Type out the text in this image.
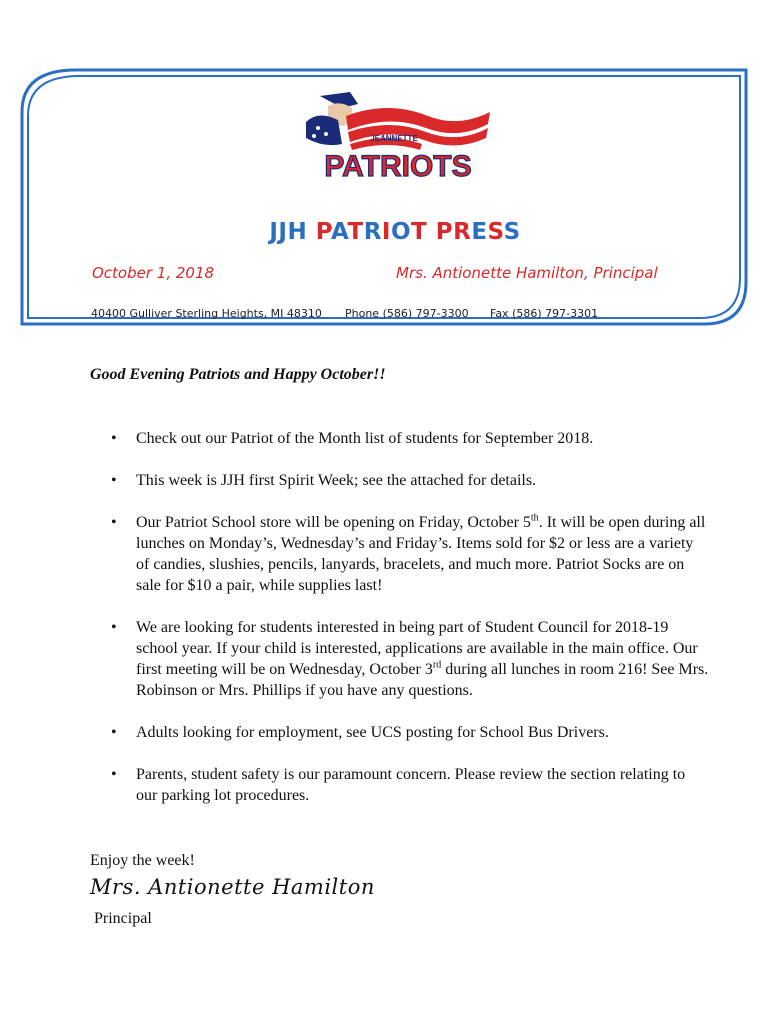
JEANNETTE
PATRIOTS
JJH PATRIOT PRESS
October 1, 2018	Mrs. Antionette Hamilton, Principal
40400 Gulliver Sterling Heights, MI 48310 Phone (586) 797-3300 Fax (586) 797-3301
Good Evening Patriots and Happy October!!
• Check out our Patriot of the Month list of students for September 2018.
• This week is JJH first Spirit Week; see the attached for details.
• Our Patriot School store will be opening on Friday, October 5th. It will be open during all lunches on Monday’s, Wednesday’s and Friday’s. Items sold for $2 or less are a variety of candies, slushies, pencils, lanyards, bracelets, and much more. Patriot Socks are on sale for $10 a pair, while supplies last!
• We are looking for students interested in being part of Student Council for 2018-19 school year. If your child is interested, applications are available in the main office. Our first meeting will be on Wednesday, October 3rd during all lunches in room 216! See Mrs. Robinson or Mrs. Phillips if you have any questions.
• Adults looking for employment, see UCS posting for School Bus Drivers.
• Parents, student safety is our paramount concern. Please review the section relating to our parking lot procedures.
Enjoy the week!
Mrs. Antionette Hamilton
Principal
